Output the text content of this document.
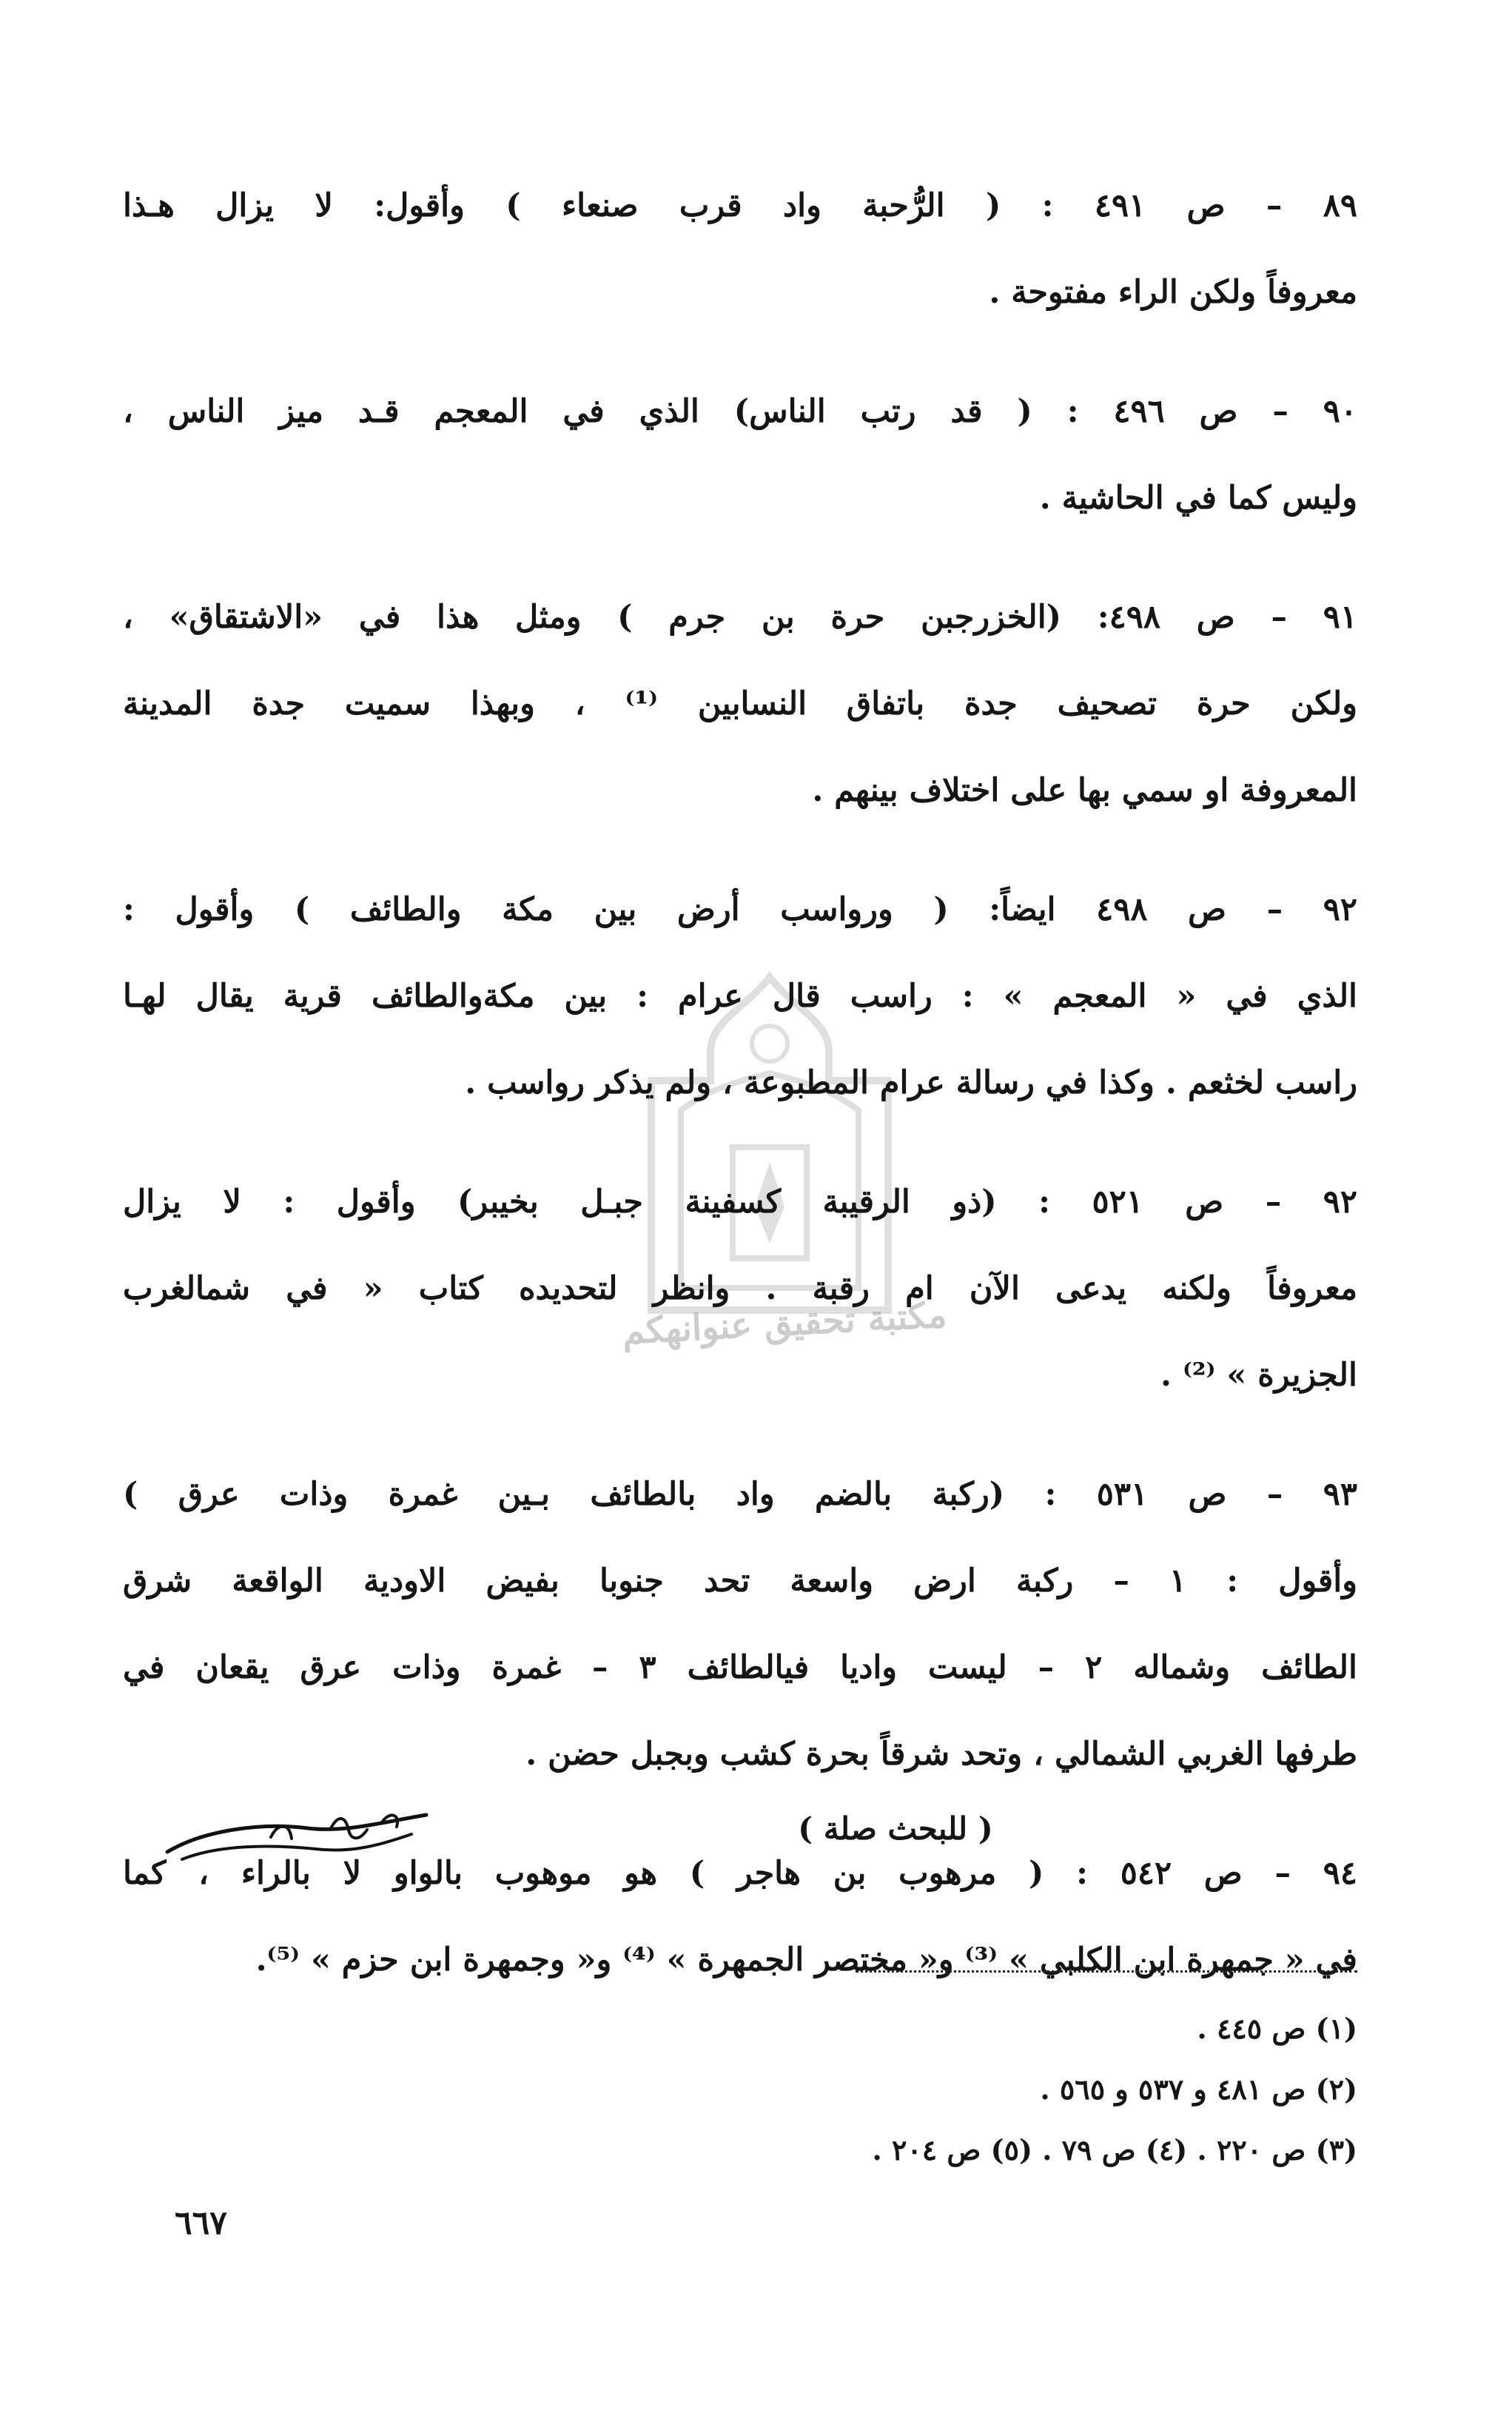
مكتبة تحقيق عنوانهكم
٨٩ – ص ٤٩١ : ( الرُّحبة واد قرب صنعاء ) وأقول: لا يزال هـذا
معروفاً ولكن الراء مفتوحة .
٩٠ – ص ٤٩٦ : ( قد رتب الناس) الذي في المعجم قـد ميز الناس ،
وليس كما في الحاشية .
٩١ – ص ٤٩٨: (الخزرجبن حرة بن جرم ) ومثل هذا في «الاشتقاق» ،
ولكن حرة تصحيف جدة باتفاق النسابين ⁽¹⁾ ، وبهذا سميت جدة المدينة
المعروفة او سمي بها على اختلاف بينهم .
٩٢ – ص ٤٩٨ ايضاً: ( ورواسب أرض بين مكة والطائف ) وأقول :
الذي في « المعجم » : راسب قال عرام : بين مكةوالطائف قرية يقال لهـا
راسب لخثعم . وكذا في رسالة عرام المطبوعة ، ولم يذكر رواسب .
٩٢ – ص ٥٢١ : (ذو الرقيبة كسفينة جبـل بخيبر) وأقول : لا يزال
معروفاً ولكنه يدعى الآن ام رقبة . وانظر لتحديده كتاب « في شمالغرب
الجزيرة » ⁽²⁾ .
٩٣ – ص ٥٣١ : (ركبة بالضم واد بالطائف بـين غمرة وذات عرق )
وأقول : ١ – ركبة ارض واسعة تحد جنوبا بفيض الاودية الواقعة شرق
الطائف وشماله ٢ – ليست واديا فيالطائف ٣ – غمرة وذات عرق يقعان في
طرفها الغربي الشمالي ، وتحد شرقاً بحرة كشب وبجبل حضن .
٩٤ – ص ٥٤٢ : ( مرهوب بن هاجر ) هو موهوب بالواو لا بالراء ، كما
في « جمهرة ابن الكلبي » ⁽³⁾ و« مختصر الجمهرة » ⁽⁴⁾ و« وجمهرة ابن حزم » ⁽⁵⁾.
( للبحث صلة )
(١) ص ٤٤٥ .
(٢) ص ٤٨١ و ٥٣٧ و ٥٦٥ .
(٣) ص ٢٢٠ . (٤) ص ٧٩ . (٥) ص ٢٠٤ .
٦٦٧
